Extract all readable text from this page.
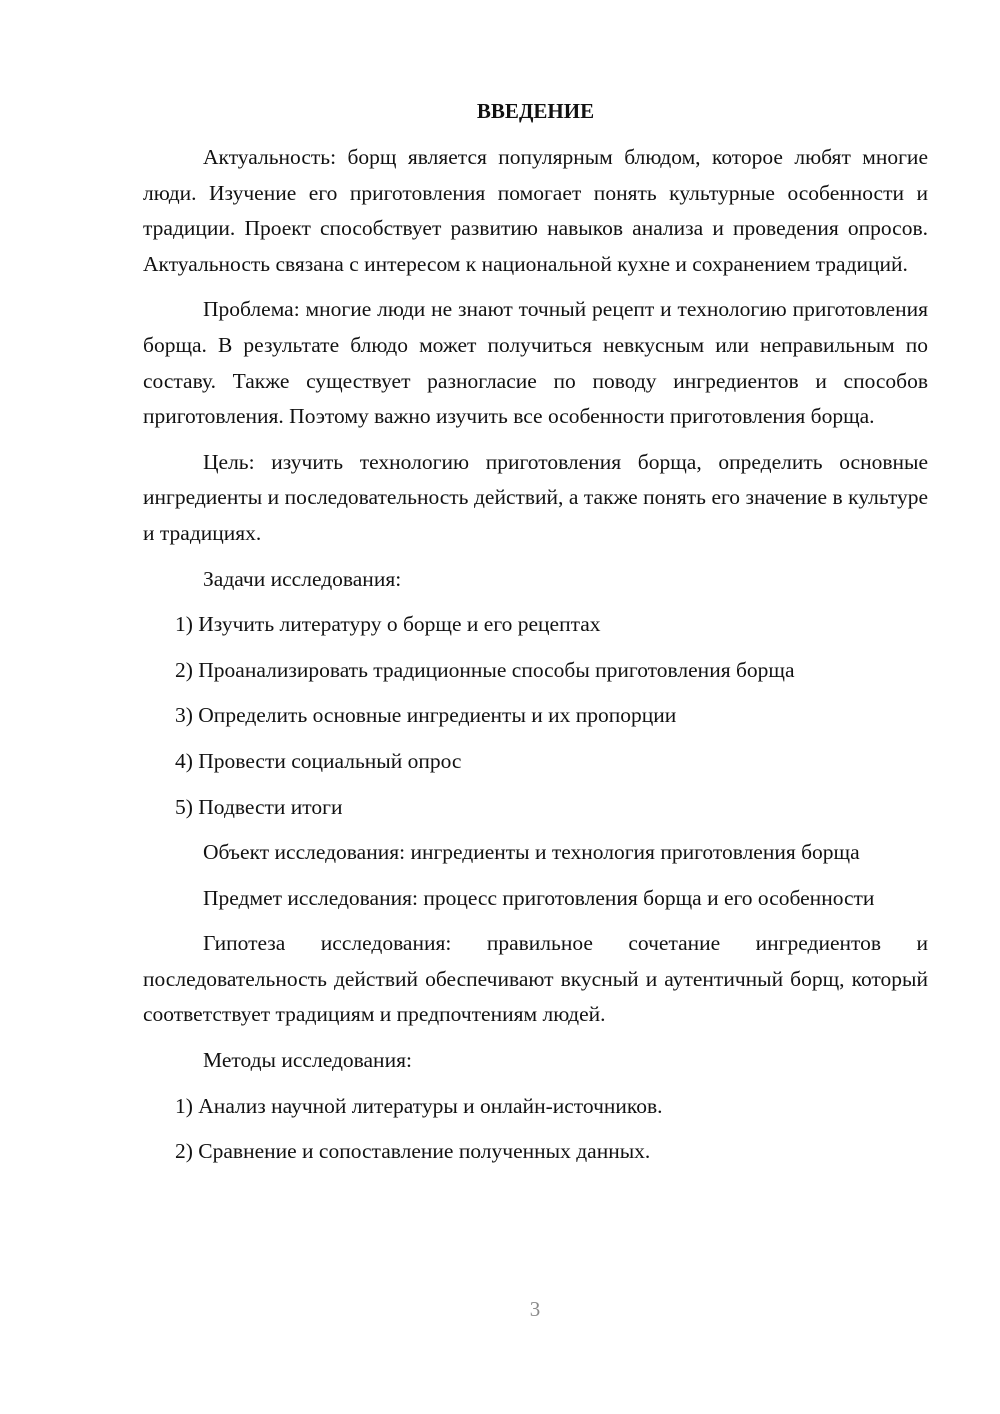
ВВЕДЕНИЕ

Актуальность: борщ является популярным блюдом, которое любят многие люди. Изучение его приготовления помогает понять культурные особенности и традиции. Проект способствует развитию навыков анализа и проведения опросов. Актуальность связана с интересом к национальной кухне и сохранением традиций.

Проблема: многие люди не знают точный рецепт и технологию приготовления борща. В результате блюдо может получиться невкусным или неправильным по составу. Также существует разногласие по поводу ингредиентов и способов приготовления. Поэтому важно изучить все особенности приготовления борща.

Цель: изучить технологию приготовления борща, определить основные ингредиенты и последовательность действий, а также понять его значение в культуре и традициях.

Задачи исследования:

1) Изучить литературу о борще и его рецептах

2) Проанализировать традиционные способы приготовления борща

3) Определить основные ингредиенты и их пропорции

4) Провести социальный опрос

5) Подвести итоги

Объект исследования: ингредиенты и технология приготовления борща

Предмет исследования: процесс приготовления борща и его особенности

Гипотеза исследования: правильное сочетание ингредиентов и последовательность действий обеспечивают вкусный и аутентичный борщ, который соответствует традициям и предпочтениям людей.

Методы исследования:

1) Анализ научной литературы и онлайн-источников.

2) Сравнение и сопоставление полученных данных.

3
